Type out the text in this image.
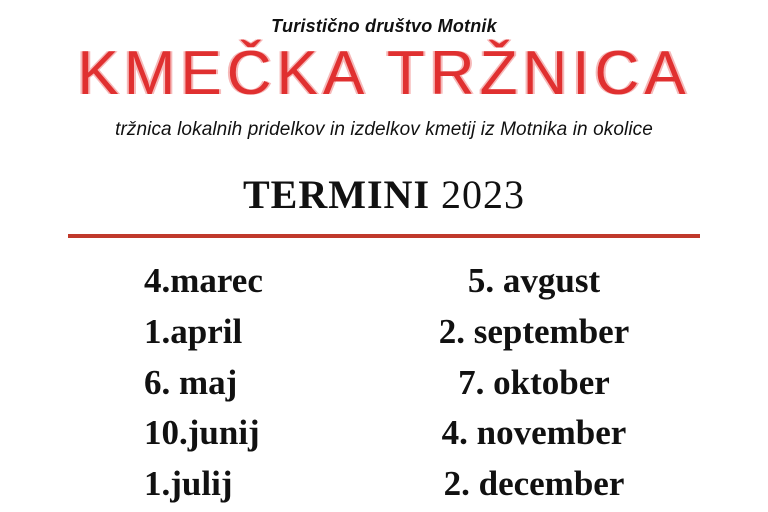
Turistično društvo Motnik
KMEČKA TRŽNICA
tržnica lokalnih pridelkov in izdelkov kmetij iz Motnika in okolice
TERMINI 2023
4.marec
1.april
6. maj
10.junij
1.julij
5. avgust
2. september
7. oktober
4. november
2. december
